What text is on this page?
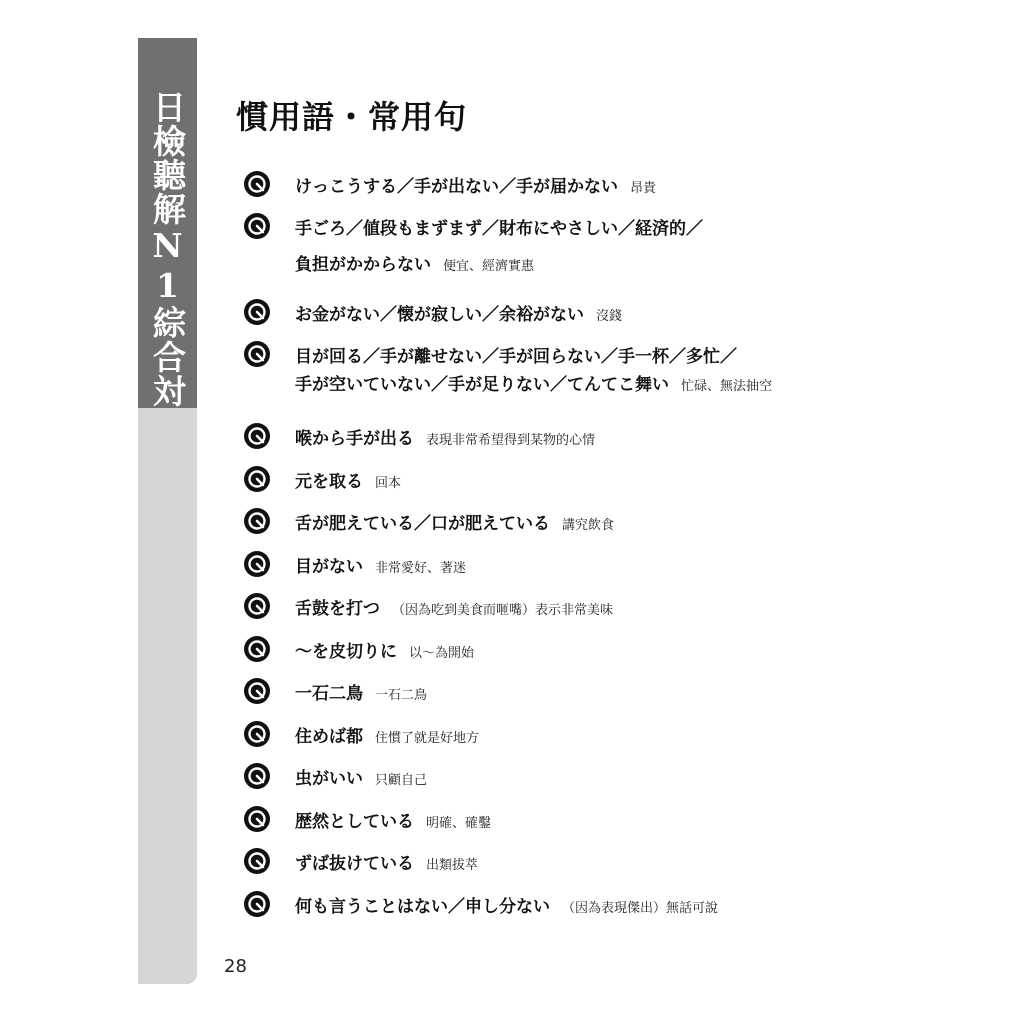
日檢聽解N1綜合対策
28
慣用語・常用句
けっこうする／手が出ない／手が届かない 昂貴
手ごろ／値段もまずまず／財布にやさしい／経済的／
負担がかからない 便宜、經濟實惠
お金がない／懐が寂しい／余裕がない 沒錢
目が回る／手が離せない／手が回らない／手一杯／多忙／
手が空いていない／手が足りない／てんてこ舞い 忙碌、無法抽空
喉から手が出る 表現非常希望得到某物的心情
元を取る 回本
舌が肥えている／口が肥えている 講究飲食
目がない 非常愛好、著迷
舌鼓を打つ （因為吃到美食而咂嘴）表示非常美味
～を皮切りに 以～為開始
一石二鳥 一石二鳥
住めば都 住慣了就是好地方
虫がいい 只顧自己
歴然としている 明確、確鑿
ずば抜けている 出類拔萃
何も言うことはない／申し分ない （因為表現傑出）無話可說
